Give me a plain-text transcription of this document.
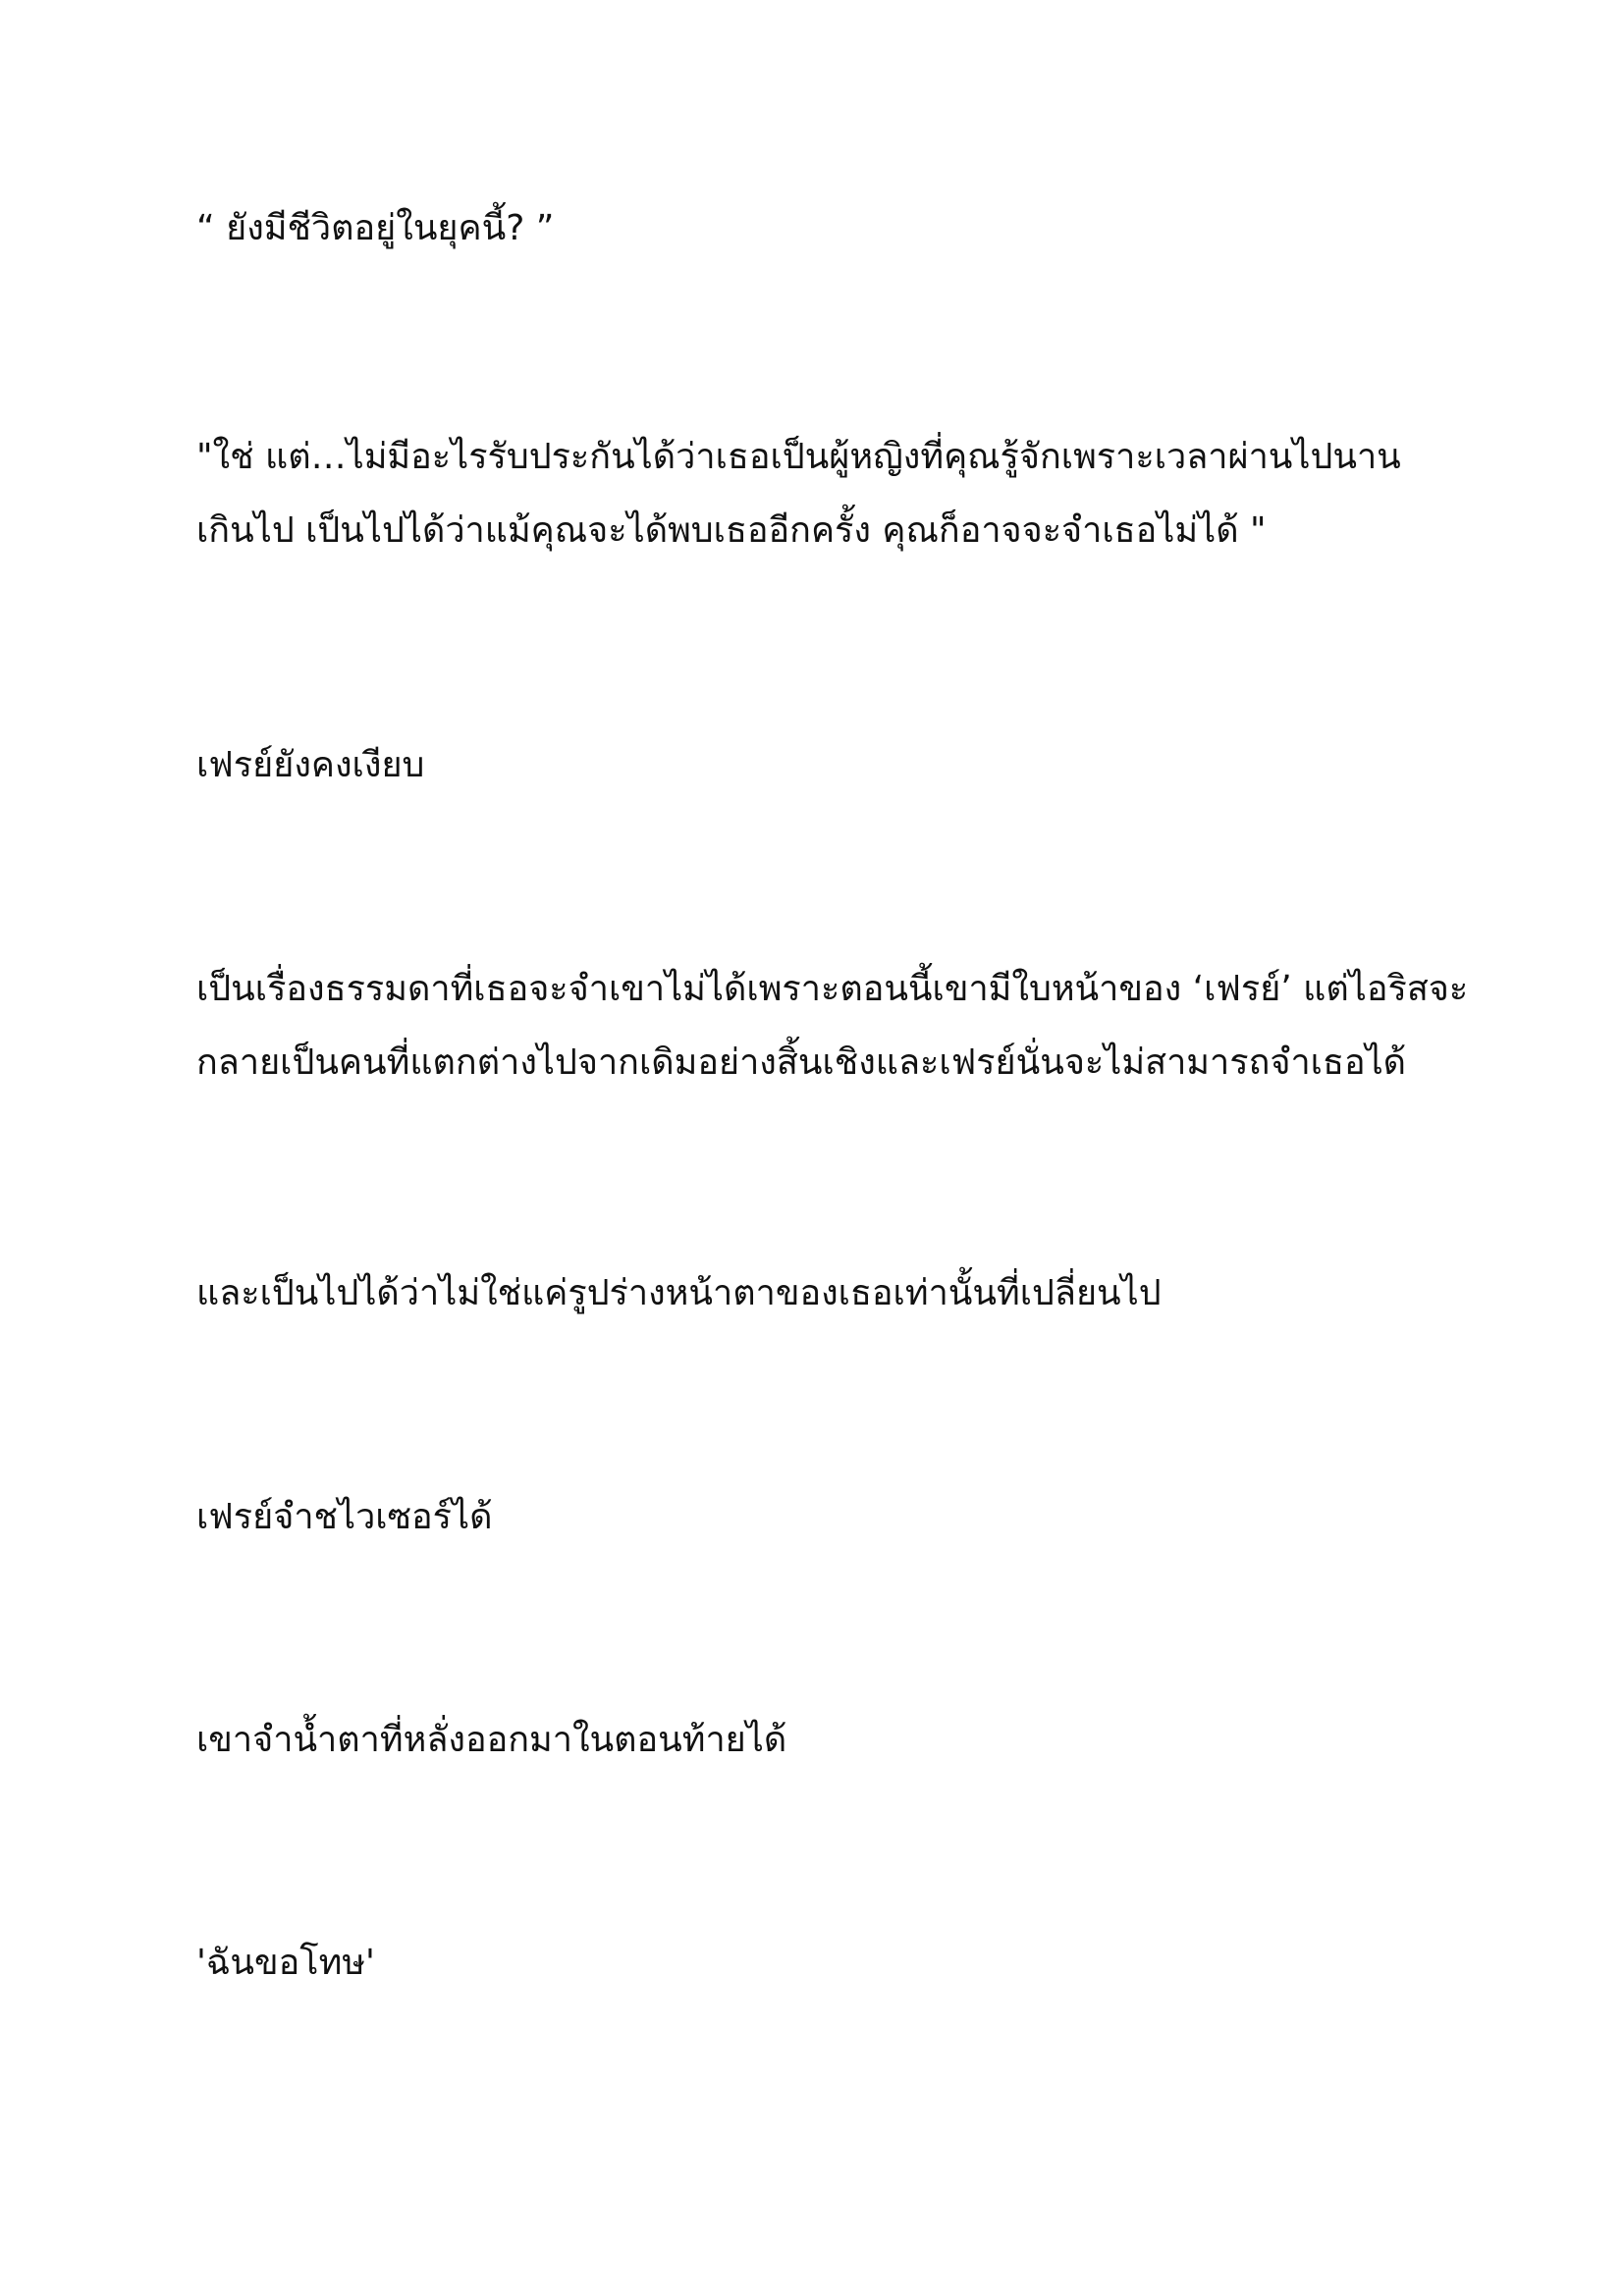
“ ยังมีชีวิตอยู่ในยุคนี้? ”

"ใช่ แต่…ไม่มีอะไรรับประกันได้ว่าเธอเป็นผู้หญิงที่คุณรู้จักเพราะเวลาผ่านไปนาน
เกินไป เป็นไปได้ว่าแม้คุณจะได้พบเธออีกครั้ง คุณก็อาจจะจำเธอไม่ได้ "

เฟรย์ยังคงเงียบ

เป็นเรื่องธรรมดาที่เธอจะจำเขาไม่ได้เพราะตอนนี้เขามีใบหน้าของ ‘เฟรย์’ แต่ไอริสจะ
กลายเป็นคนที่แตกต่างไปจากเดิมอย่างสิ้นเชิงและเฟรย์นั่นจะไม่สามารถจำเธอได้

และเป็นไปได้ว่าไม่ใช่แค่รูปร่างหน้าตาของเธอเท่านั้นที่เปลี่ยนไป

เฟรย์จำชไวเซอร์ได้

เขาจำน้ำตาที่หลั่งออกมาในตอนท้ายได้

'ฉันขอโทษ'
